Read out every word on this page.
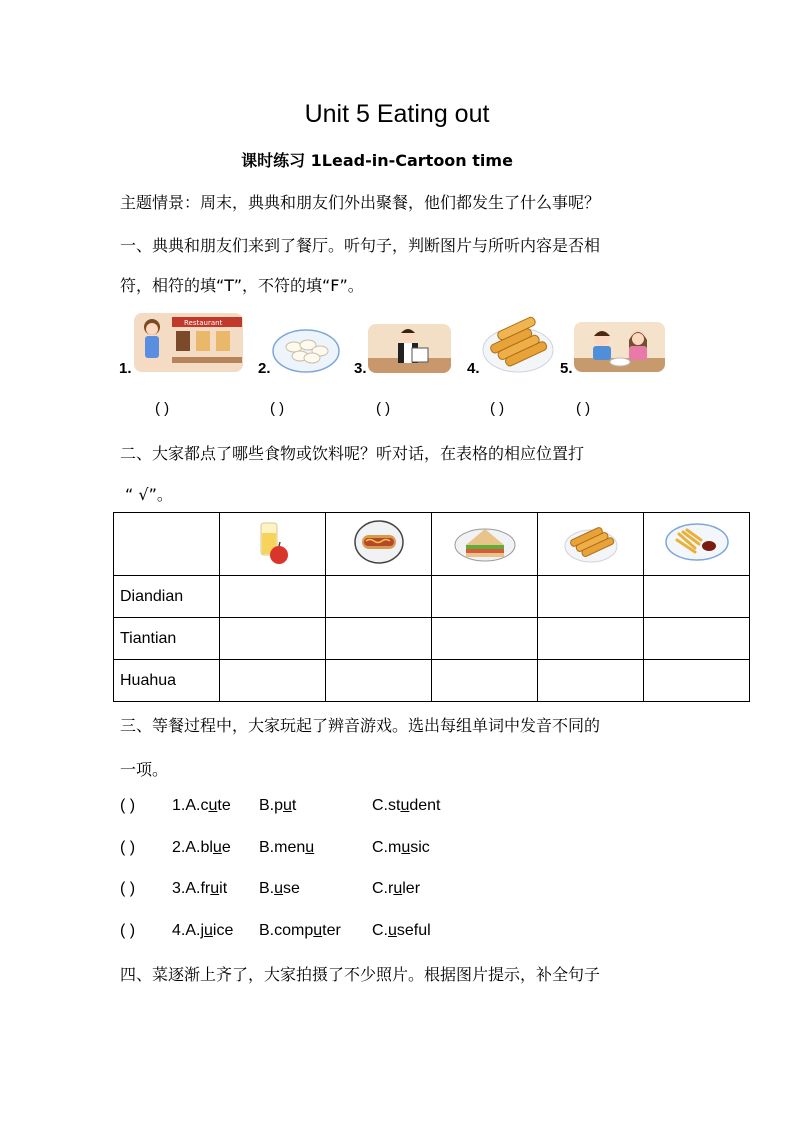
Unit 5 Eating out
课时练习 1Lead-in-Cartoon time
主题情景：周末，典典和朋友们外出聚餐，他们都发生了什么事呢？
一、典典和朋友们来到了餐厅。听句子，判断图片与所听内容是否相
符，相符的填“T”，不符的填“F”。
1.
Restaurant
2.	3.	4.	5.
( )	( )	( )	( )	( )
二、大家都点了哪些食物或饮料呢？听对话，在表格的相应位置打
“ √”。

Diandian					
Tiantian					
Huahua					
三、等餐过程中，大家玩起了辨音游戏。选出每组单词中发音不同的
一项。
( ) 1.A.cute B.put	C.student
( ) 2.A.blue B.menu	C.music
( ) 3.A.fruit B.use	C.ruler
( ) 4.A.juice B.computer C.useful
四、菜逐渐上齐了，大家拍摄了不少照片。根据图片提示，补全句子
